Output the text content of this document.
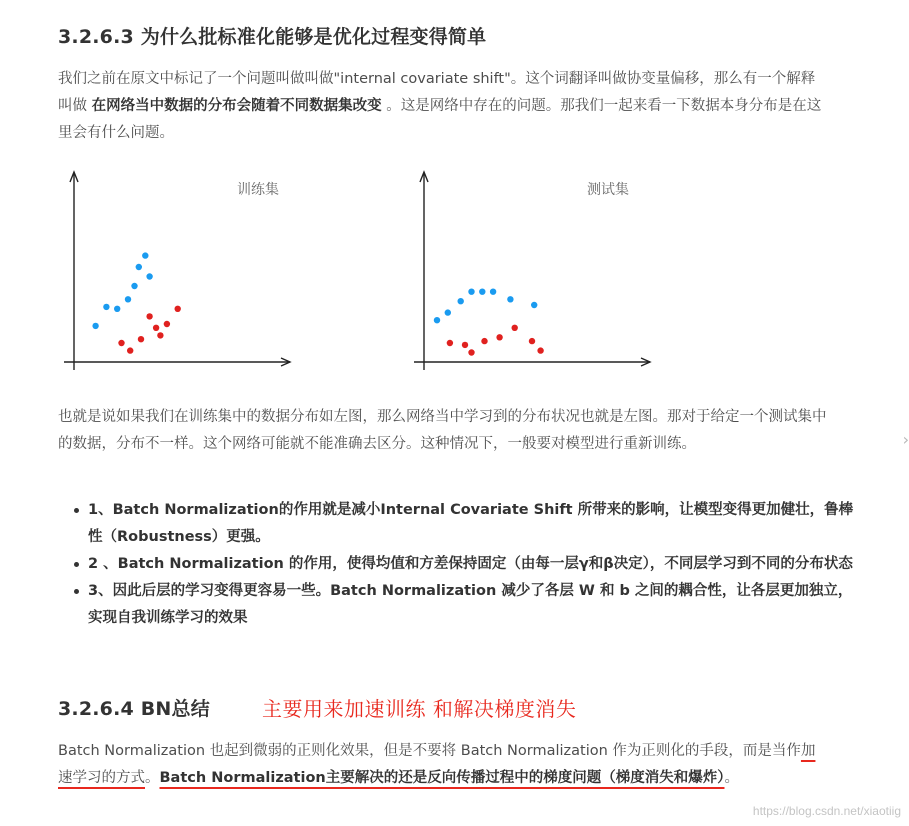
3.2.6.3 为什么批标准化能够是优化过程变得简单

我们之前在原文中标记了一个问题叫做叫做"internal covariate shift"。这个词翻译叫做协变量偏移，那么有一个解释叫做 在网络当中数据的分布会随着不同数据集改变 。这是网络中存在的问题。那我们一起来看一下数据本身分布是在这里会有什么问题。

训练集	测试集

也就是说如果我们在训练集中的数据分布如左图，那么网络当中学习到的分布状况也就是左图。那对于给定一个测试集中的数据，分布不一样。这个网络可能就不能准确去区分。这种情况下，一般要对模型进行重新训练。

1、Batch Normalization的作用就是减小Internal Covariate Shift 所带来的影响，让模型变得更加健壮，鲁棒性（Robustness）更强。
2 、Batch Normalization 的作用，使得均值和方差保持固定（由每一层γ和β决定），不同层学习到不同的分布状态
3、因此后层的学习变得更容易一些。Batch Normalization 减少了各层 W 和 b 之间的耦合性，让各层更加独立，实现自我训练学习的效果
3.2.6.4 BN总结	主要用来加速训练 和解决梯度消失

Batch Normalization 也起到微弱的正则化效果，但是不要将 Batch Normalization 作为正则化的手段，而是当作加速学习的方式。Batch Normalization主要解决的还是反向传播过程中的梯度问题（梯度消失和爆炸）。

›
https://blog.csdn.net/xiaotiig
